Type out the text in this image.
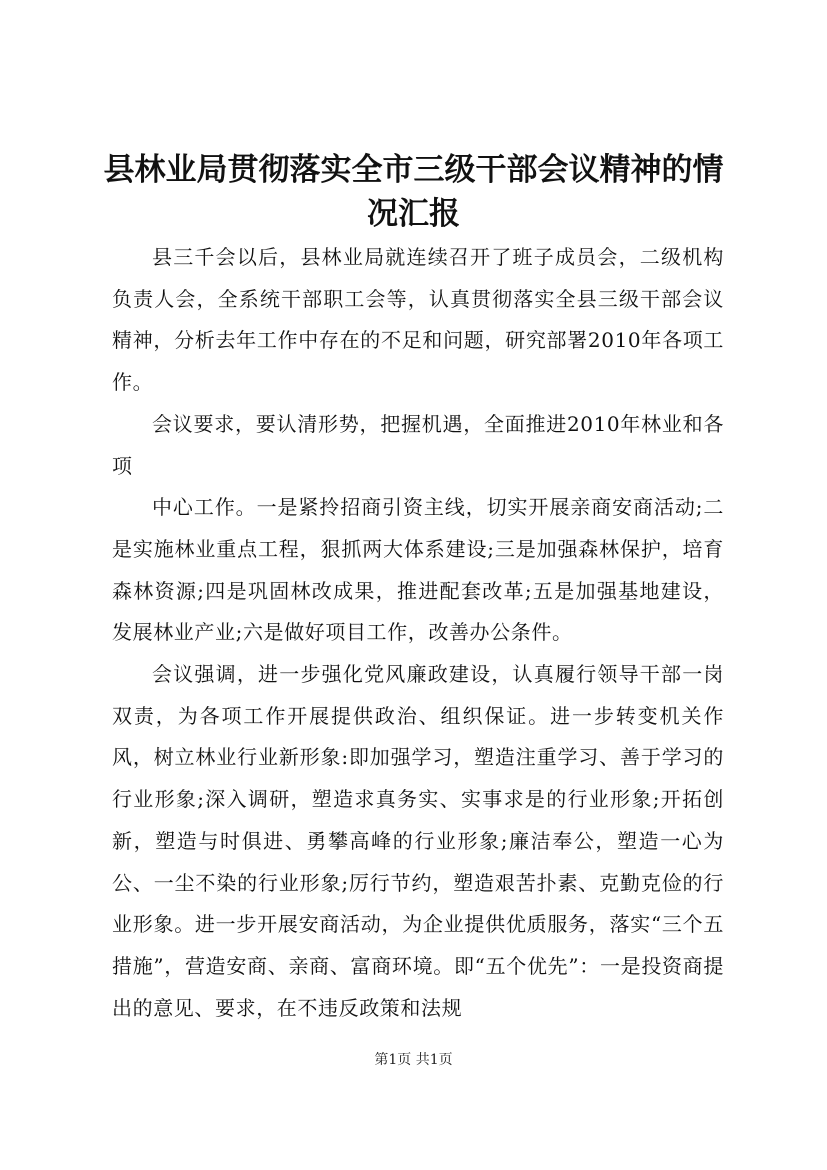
县林业局贯彻落实全市三级干部会议精神的情况汇报

县三千会以后，县林业局就连续召开了班子成员会，二级机构负责人会，全系统干部职工会等，认真贯彻落实全县三级干部会议精神，分析去年工作中存在的不足和问题，研究部署2010年各项工作。

会议要求，要认清形势，把握机遇，全面推进2010年林业和各项

中心工作。一是紧拎招商引资主线，切实开展亲商安商活动;二是实施林业重点工程，狠抓两大体系建设;三是加强森林保护，培育森林资源;四是巩固林改成果，推进配套改革;五是加强基地建设，发展林业产业;六是做好项目工作，改善办公条件。

会议强调，进一步强化党风廉政建设，认真履行领导干部一岗双责，为各项工作开展提供政治、组织保证。进一步转变机关作风，树立林业行业新形象:即加强学习，塑造注重学习、善于学习的行业形象;深入调研，塑造求真务实、实事求是的行业形象;开拓创新，塑造与时俱进、勇攀高峰的行业形象;廉洁奉公，塑造一心为公、一尘不染的行业形象;厉行节约，塑造艰苦扑素、克勤克俭的行业形象。进一步开展安商活动，为企业提供优质服务，落实“三个五措施”，营造安商、亲商、富商环境。即“五个优先”：一是投资商提出的意见、要求，在不违反政策和法规

第1页 共1页
